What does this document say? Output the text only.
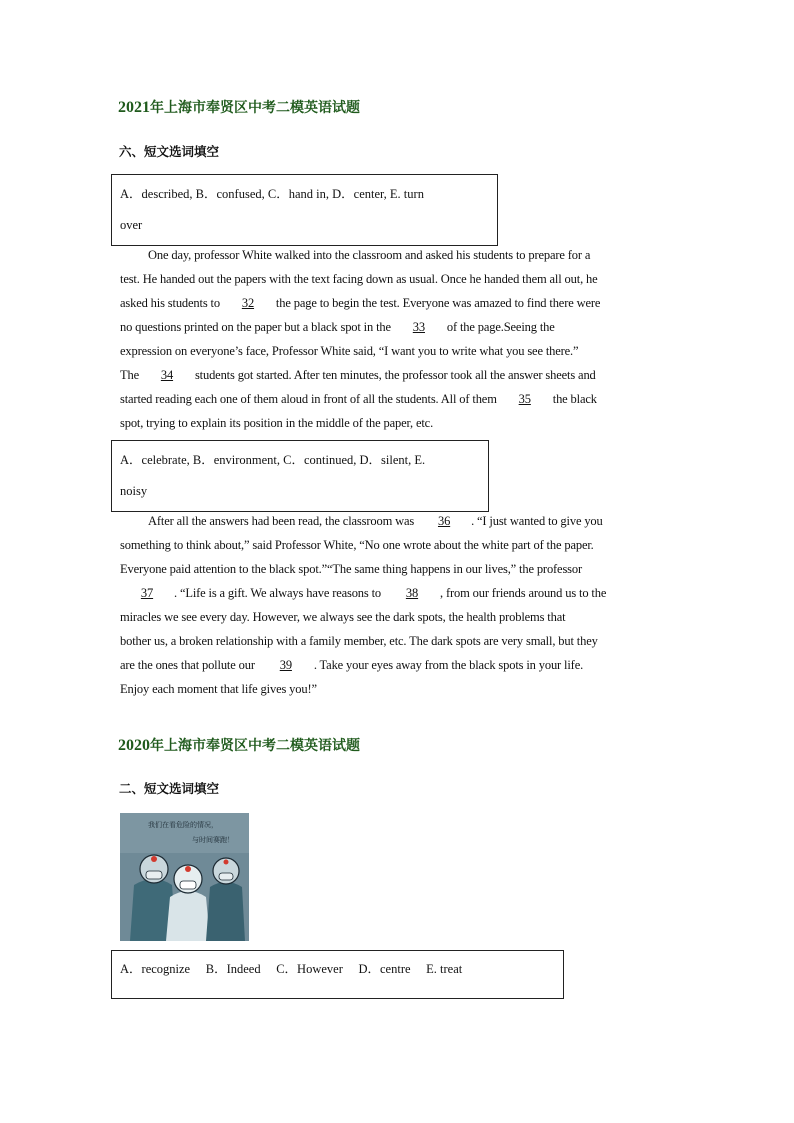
2021年上海市奉贤区中考二模英语试题
六、短文选词填空
A．described, B．confused, C．hand in, D．center, E. turn
over
One day, professor White walked into the classroom and asked his students to prepare for a
test. He handed out the papers with the text facing down as usual. Once he handed them all out, he
asked his students to 32 the page to begin the test. Everyone was amazed to find there were
no questions printed on the paper but a black spot in the 33 of the page.Seeing the
expression on everyone’s face, Professor White said, “I want you to write what you see there.”
The 34 students got started. After ten minutes, the professor took all the answer sheets and
started reading each one of them aloud in front of all the students. All of them 35 the black
spot, trying to explain its position in the middle of the paper, etc.
A．celebrate, B．environment, C．continued, D．silent, E.
noisy
After all the answers had been read, the classroom was 36 . “I just wanted to give you
something to think about,” said Professor White, “No one wrote about the white part of the paper.
Everyone paid attention to the black spot.”“The same thing happens in our lives,” the professor
37 . “Life is a gift. We always have reasons to 38 , from our friends around us to the
miracles we see every day. However, we always see the dark spots, the health problems that
bother us, a broken relationship with a family member, etc. The dark spots are very small, but they
are the ones that pollute our 39 . Take your eyes away from the black spots in your life.
Enjoy each moment that life gives you!”
2020年上海市奉贤区中考二模英语试题
二、短文选词填空
我们在看危险的情况，
与时间赛跑！
A．recognize　 B．Indeed　 C．However　 D．centre　 E. treat
